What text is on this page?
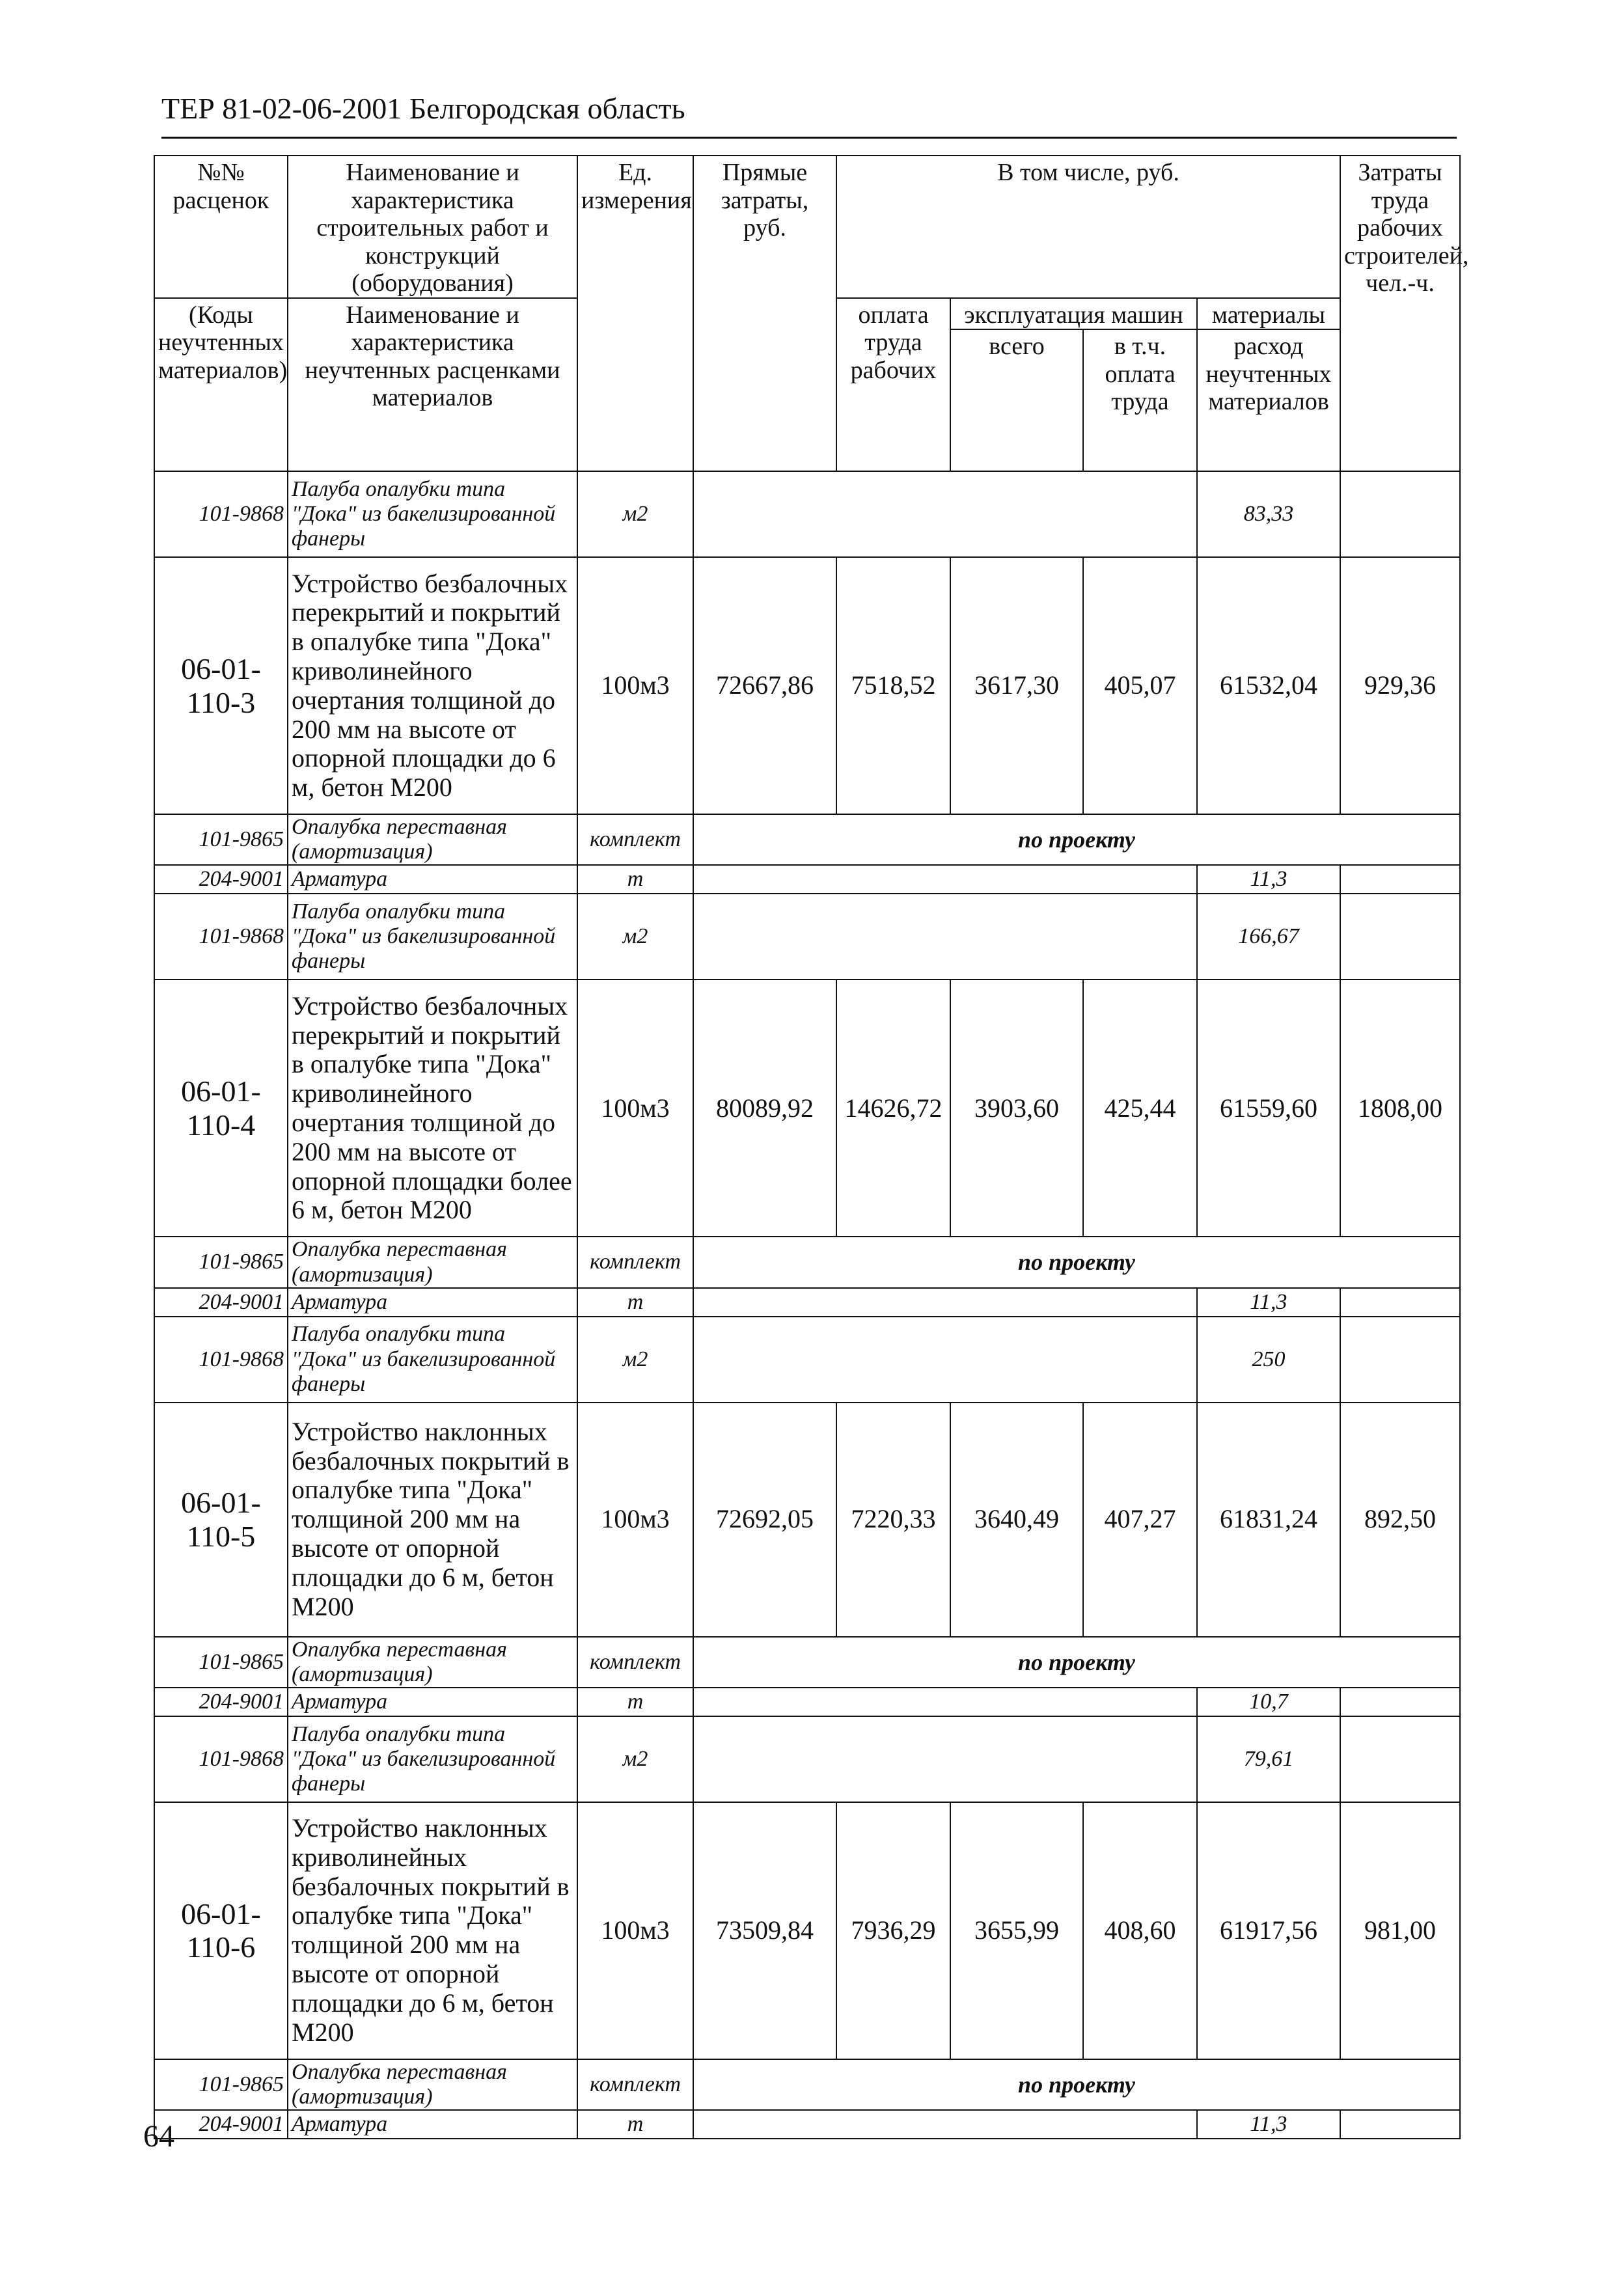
ТЕР 81-02-06-2001 Белгородская область
№№ расценок	Наименование и характеристика строительных работ и конструкций (оборудования)	Ед. измерения	Прямые затраты, руб.	В том числе, руб.				Затраты труда рабочих строителей, чел.-ч.
(Коды неучтенных материалов)	Наименование и характеристика неучтенных расценками материалов			оплата труда рабочих	эксплуатация машин		материалы	
					всего	в т.ч. оплата труда	расход неучтенных материалов	
101-9868	Палуба опалубки типа "Дока" из бакелизированной фанеры	м2					83,33	
06-01-110-3	Устройство безбалочных перекрытий и покрытий в опалубке типа "Дока" криволинейного очертания толщиной до 200 мм на высоте от опорной площадки до 6 м, бетон М200	100м3	72667,86	7518,52	3617,30	405,07	61532,04	929,36
101-9865	Опалубка переставная (амортизация)	комплект	по проекту					
204-9001	Арматура	т					11,3	
101-9868	Палуба опалубки типа "Дока" из бакелизированной фанеры	м2					166,67	
06-01-110-4	Устройство безбалочных перекрытий и покрытий в опалубке типа "Дока" криволинейного очертания толщиной до 200 мм на высоте от опорной площадки более 6 м, бетон М200	100м3	80089,92	14626,72	3903,60	425,44	61559,60	1808,00
101-9865	Опалубка переставная (амортизация)	комплект	по проекту					
204-9001	Арматура	т					11,3	
101-9868	Палуба опалубки типа "Дока" из бакелизированной фанеры	м2					250	
06-01-110-5	Устройство наклонных безбалочных покрытий в опалубке типа "Дока" толщиной 200 мм на высоте от опорной площадки до 6 м, бетон М200	100м3	72692,05	7220,33	3640,49	407,27	61831,24	892,50
101-9865	Опалубка переставная (амортизация)	комплект	по проекту					
204-9001	Арматура	т					10,7	
101-9868	Палуба опалубки типа "Дока" из бакелизированной фанеры	м2					79,61	
06-01-110-6	Устройство наклонных криволинейных безбалочных покрытий в опалубке типа "Дока" толщиной 200 мм на высоте от опорной площадки до 6 м, бетон М200	100м3	73509,84	7936,29	3655,99	408,60	61917,56	981,00
101-9865	Опалубка переставная (амортизация)	комплект	по проекту					
204-9001	Арматура	т					11,3	
64
